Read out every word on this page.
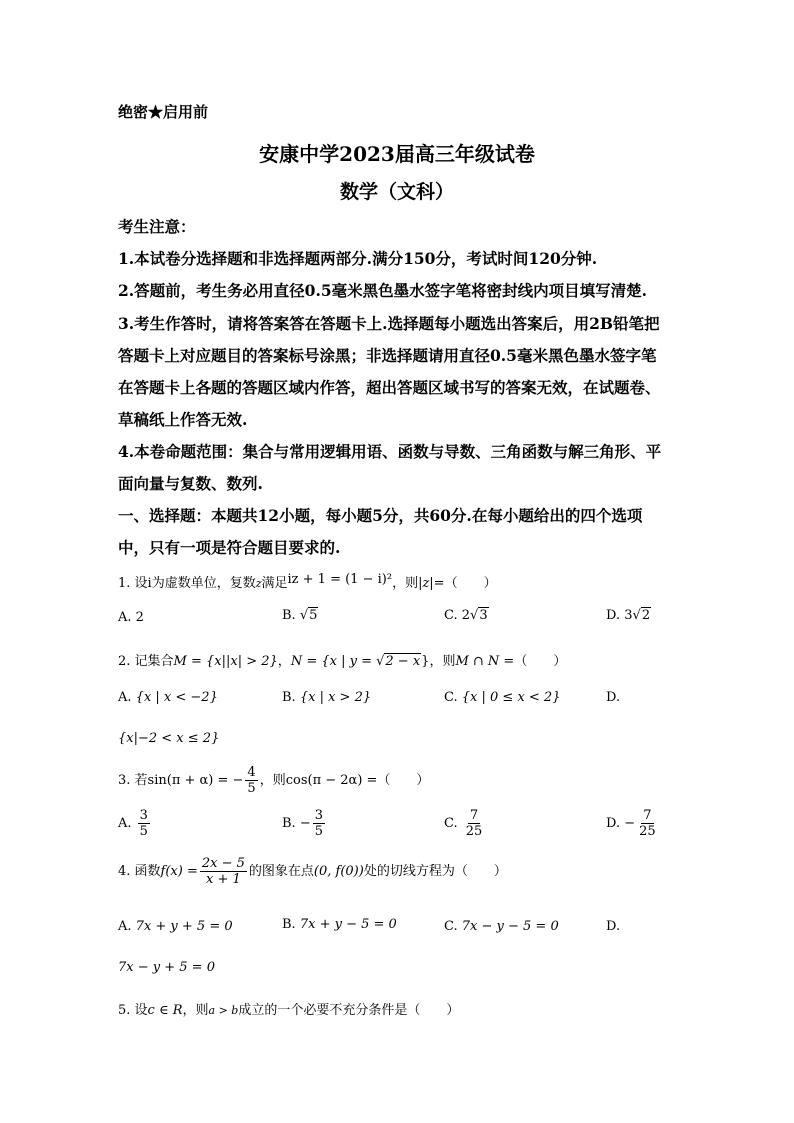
绝密★启用前
安康中学2023届高三年级试卷
数学（文科）
考生注意：
1.本试卷分选择题和非选择题两部分.满分150分，考试时间120分钟.
2.答题前，考生务必用直径0.5毫米黑色墨水签字笔将密封线内项目填写清楚.
3.考生作答时，请将答案答在答题卡上.选择题每小题选出答案后，用2B铅笔把
答题卡上对应题目的答案标号涂黑；非选择题请用直径0.5毫米黑色墨水签字笔
在答题卡上各题的答题区域内作答，超出答题区域书写的答案无效，在试题卷、
草稿纸上作答无效.
4.本卷命题范围：集合与常用逻辑用语、函数与导数、三角函数与解三角形、平
面向量与复数、数列.
一、选择题：本题共12小题，每小题5分，共60分.在每小题给出的四个选项
中，只有一项是符合题目要求的.
1. 设i为虚数单位，复数z满足iz + 1 = (1 − i)²，则|z|=（　　）
A. 2	B. √5	C. 2√3	D. 3√2
2. 记集合M = {x||x| > 2}，N = {x | y = √2 − x}，则M ∩ N =（　　）
A. {x | x < −2}	B. {x | x > 2}	C. {x | 0 ≤ x < 2}	D.
{x|−2 < x ≤ 2}
3. 若sin(π + α) = − $\frac{4}{5}$ ，则cos(π − 2α) =（　　）
A. $\frac{3}{5}$	B. − $\frac{3}{5}$	C. $\frac{7}{25}$	D. − $\frac{7}{25}$
4. 函数$f(x) = \frac{2x - 5}{x + 1}$ 的图象在点(0, f(0))处的切线方程为（　　）
A. 7x + y + 5 = 0	B. 7x + y − 5 = 0	C. 7x − y − 5 = 0	D.
7x − y + 5 = 0
5. 设c ∈ R，则a > b成立的一个必要不充分条件是（　　）
